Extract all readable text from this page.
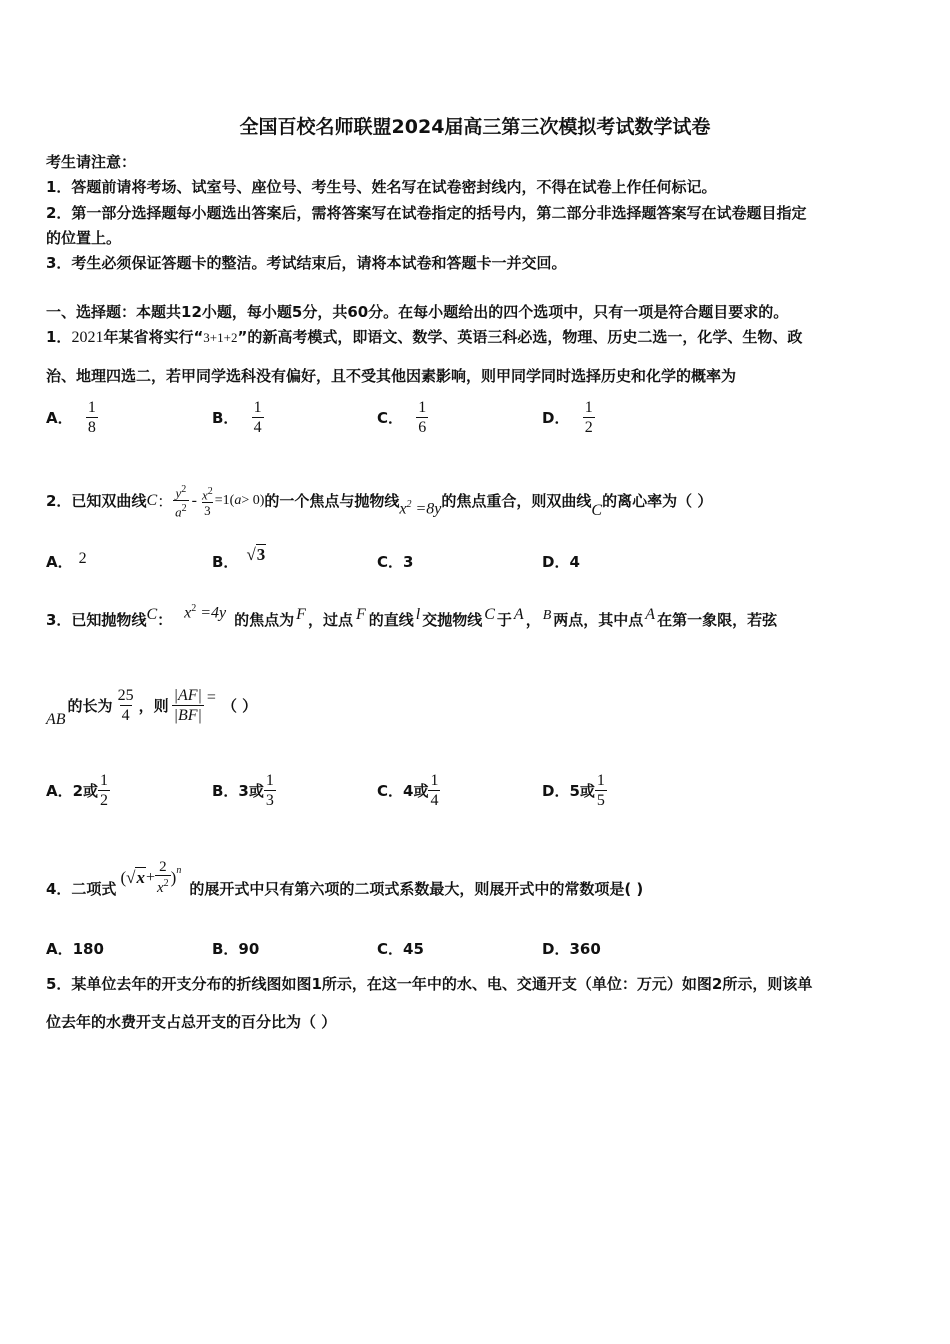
全国百校名师联盟2024届高三第三次模拟考试数学试卷
考生请注意：
1．答题前请将考场、试室号、座位号、考生号、姓名写在试卷密封线内，不得在试卷上作任何标记。
2．第一部分选择题每小题选出答案后，需将答案写在试卷指定的括号内，第二部分非选择题答案写在试卷题目指定
的位置上。
3．考生必须保证答题卡的整洁。考试结束后，请将本试卷和答题卡一并交回。
一、选择题：本题共12小题，每小题5分，共60分。在每小题给出的四个选项中，只有一项是符合题目要求的。
1．2021年某省将实行“3+1+2”的新高考模式，即语文、数学、英语三科必选，物理、历史二选一，化学、生物、政
治、地理四选二，若甲同学选科没有偏好，且不受其他因素影响，则甲同学同时选择历史和化学的概率为
A． $\frac{1}{8}$	B． $\frac{1}{4}$	C． $\frac{1}{6}$	D． $\frac{1}{2}$
2．已知双曲线 C ： $\frac{y^2}{a^2} - \frac{x^2}{3} =1$( a > 0) 的一个焦点与抛物线 $x^2 =8y$ 的焦点重合，则双曲线 C 的离心率为（ ）
A． 2	B． √3	C．3	D．4
3．已知抛物线 C ： $x^2 =4y$ 的焦点为 F ，过点 F 的直线 l 交抛物线 C 于 A ， B 两点，其中点 A 在第一象限，若弦
AB
的长为 $\frac{25}{4}$ ，则 $\frac{|AF|}{|BF|}$ = （ ）
A．2或 $\frac{1}{2}$	B．3或 $\frac{1}{3}$	C．4或 $\frac{1}{4}$	D．5或 $\frac{1}{5}$
4．二项式
( $√x + \frac{2}{x^2}$ ) n
的展开式中只有第六项的二项式系数最大，则展开式中的常数项是( )
A．180	B．90	C．45	D．360
5．某单位去年的开支分布的折线图如图1所示，在这一年中的水、电、交通开支（单位：万元）如图2所示，则该单
位去年的水费开支占总开支的百分比为（ ）
